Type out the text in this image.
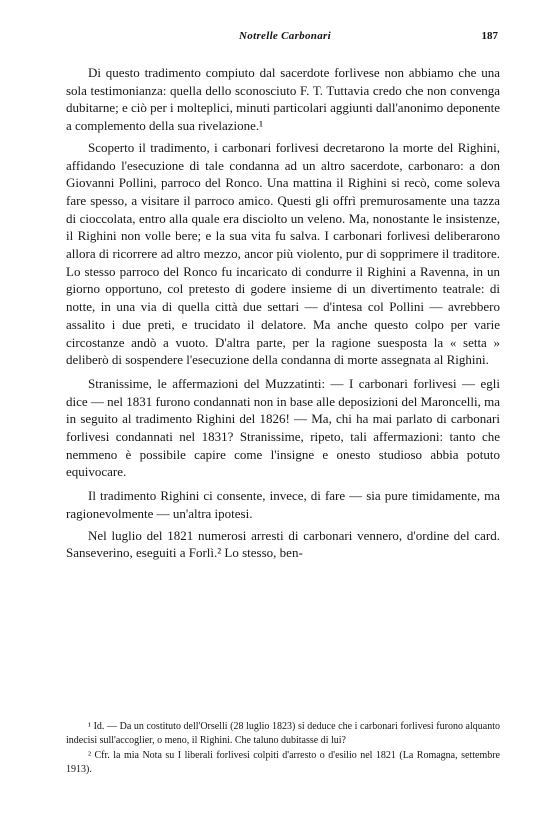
Notrelle Carbonari	187

Di questo tradimento compiuto dal sacerdote forlivese non abbiamo che una sola testimonianza: quella dello sconosciuto F. T. Tuttavia credo che non convenga dubitarne; e ciò per i molteplici, minuti particolari aggiunti dall'anonimo deponente a complemento della sua rivelazione.¹

Scoperto il tradimento, i carbonari forlivesi decretarono la morte del Righini, affidando l'esecuzione di tale condanna ad un altro sacerdote, carbonaro: a don Giovanni Pollini, parroco del Ronco. Una mattina il Righini si recò, come soleva fare spesso, a visitare il parroco amico. Questi gli offrì premurosamente una tazza di cioccolata, entro alla quale era disciolto un veleno. Ma, nonostante le insistenze, il Righini non volle bere; e la sua vita fu salva. I carbonari forlivesi deliberarono allora di ricorrere ad altro mezzo, ancor più violento, pur di sopprimere il traditore. Lo stesso parroco del Ronco fu incaricato di condurre il Righini a Ravenna, in un giorno opportuno, col pretesto di godere insieme di un divertimento teatrale: di notte, in una via di quella città due settari — d'intesa col Pollini — avrebbero assalito i due preti, e trucidato il delatore. Ma anche questo colpo per varie circostanze andò a vuoto. D'altra parte, per la ragione suesposta la « setta » deliberò di sospendere l'esecuzione della condanna di morte assegnata al Righini.

Stranissime, le affermazioni del Muzzatinti: — I carbonari forlivesi — egli dice — nel 1831 furono condannati non in base alle deposizioni del Maroncelli, ma in seguito al tradimento Righini del 1826! — Ma, chi ha mai parlato di carbonari forlivesi condannati nel 1831? Stranissime, ripeto, tali affermazioni: tanto che nemmeno è possibile capire come l'insigne e onesto studioso abbia potuto equivocare.

Il tradimento Righini ci consente, invece, di fare — sia pure timidamente, ma ragionevolmente — un'altra ipotesi.

Nel luglio del 1821 numerosi arresti di carbonari vennero, d'ordine del card. Sanseverino, eseguiti a Forlì.² Lo stesso, ben-

¹ Id. — Da un costituto dell'Orselli (28 luglio 1823) si deduce che i carbonari forlivesi furono alquanto indecisi sull'accoglier, o meno, il Righini. Che taluno dubitasse di lui?

² Cfr. la mia Nota su I liberali forlivesi colpiti d'arresto o d'esilio nel 1821 (La Romagna, settembre 1913).
